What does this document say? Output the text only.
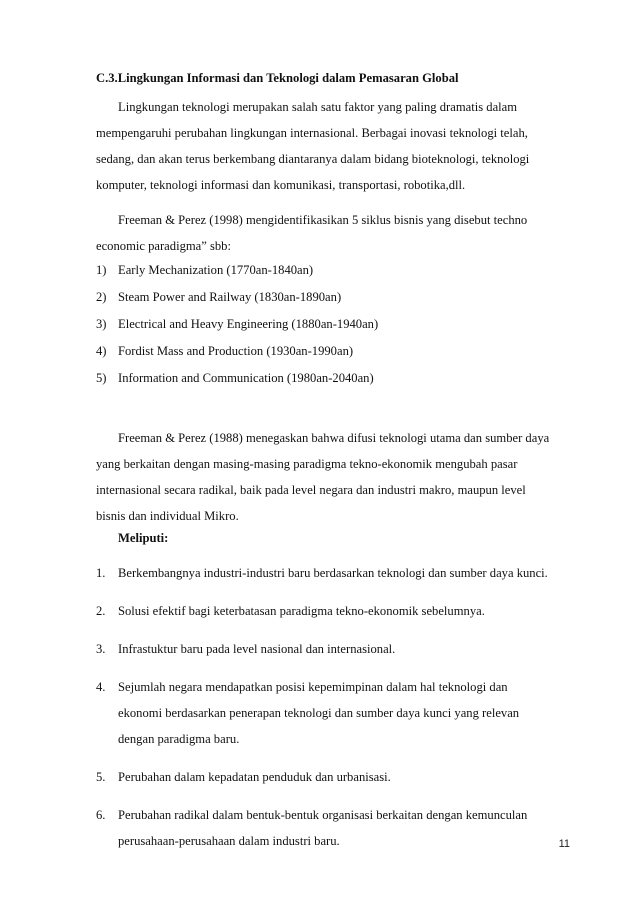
C.3.Lingkungan Informasi dan Teknologi dalam Pemasaran Global
Lingkungan teknologi merupakan salah satu faktor yang paling dramatis dalam
mempengaruhi perubahan lingkungan internasional. Berbagai inovasi teknologi telah,
sedang, dan akan terus berkembang diantaranya dalam bidang bioteknologi, teknologi
komputer, teknologi informasi dan komunikasi, transportasi, robotika,dll.
Freeman & Perez (1998) mengidentifikasikan 5 siklus bisnis yang disebut techno
economic paradigma” sbb:
1) Early Mechanization (1770an-1840an)
2) Steam Power and Railway (1830an-1890an)
3) Electrical and Heavy Engineering (1880an-1940an)
4) Fordist Mass and Production (1930an-1990an)
5) Information and Communication (1980an-2040an)
Freeman & Perez (1988) menegaskan bahwa difusi teknologi utama dan sumber daya
yang berkaitan dengan masing-masing paradigma tekno-ekonomik mengubah pasar
internasional secara radikal, baik pada level negara dan industri makro, maupun level
bisnis dan individual Mikro.
Meliputi:
1. Berkembangnya industri-industri baru berdasarkan teknologi dan sumber daya kunci.
2. Solusi efektif bagi keterbatasan paradigma tekno-ekonomik sebelumnya.
3. Infrastuktur baru pada level nasional dan internasional.
4. Sejumlah negara mendapatkan posisi kepemimpinan dalam hal teknologi dan
ekonomi berdasarkan penerapan teknologi dan sumber daya kunci yang relevan
dengan paradigma baru.
5. Perubahan dalam kepadatan penduduk dan urbanisasi.
6. Perubahan radikal dalam bentuk-bentuk organisasi berkaitan dengan kemunculan
perusahaan-perusahaan dalam industri baru.	11
